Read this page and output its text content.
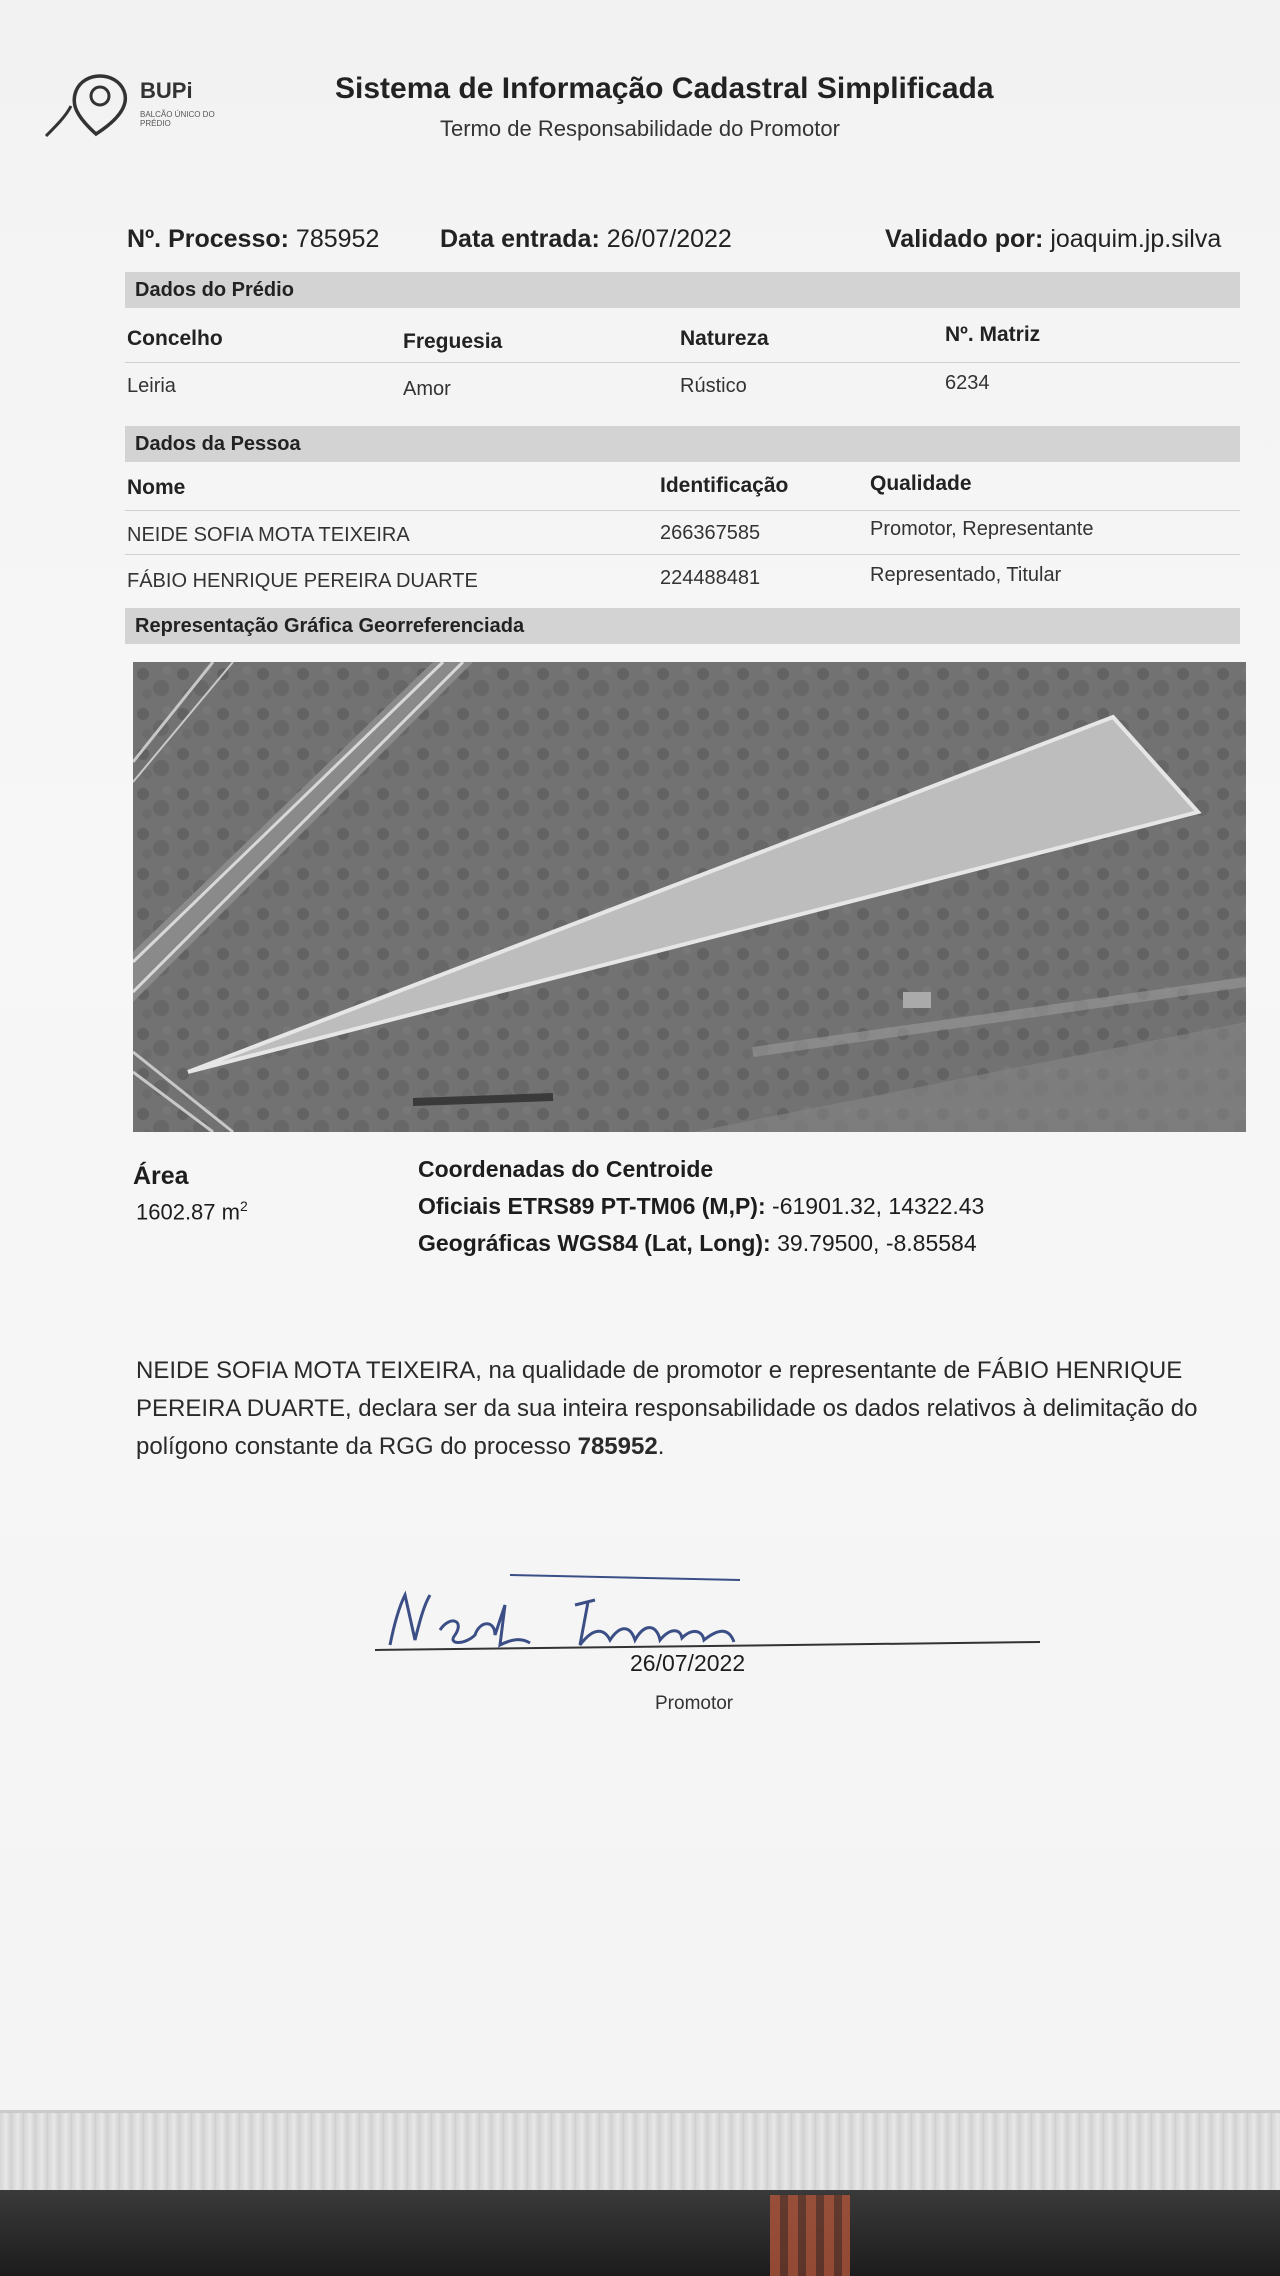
BUPi
BALCÃO ÚNICO DO PRÉDIO
Sistema de Informação Cadastral Simplificada
Termo de Responsabilidade do Promotor
Nº. Processo: 785952 Data entrada: 26/07/2022	Validado por: joaquim.jp.silva
Dados do Prédio
Concelho	Freguesia	Natureza	Nº. Matriz
Leiria	Amor	Rústico	6234
Dados da Pessoa
Nome	Identificação	Qualidade
NEIDE SOFIA MOTA TEIXEIRA	266367585	Promotor, Representante
FÁBIO HENRIQUE PEREIRA DUARTE	224488481	Representado, Titular
Representação Gráfica Georreferenciada
Área
1602.87 $m^2$
Coordenadas do Centroide
Oficiais ETRS89 PT-TM06 (M,P): -61901.32, 14322.43
Geográficas WGS84 (Lat, Long): 39.79500, -8.85584
NEIDE SOFIA MOTA TEIXEIRA, na qualidade de promotor e representante de FÁBIO HENRIQUE PEREIRA DUARTE, declara ser da sua inteira responsabilidade os dados relativos à delimitação do polígono constante da RGG do processo 785952.
26/07/2022
Promotor
